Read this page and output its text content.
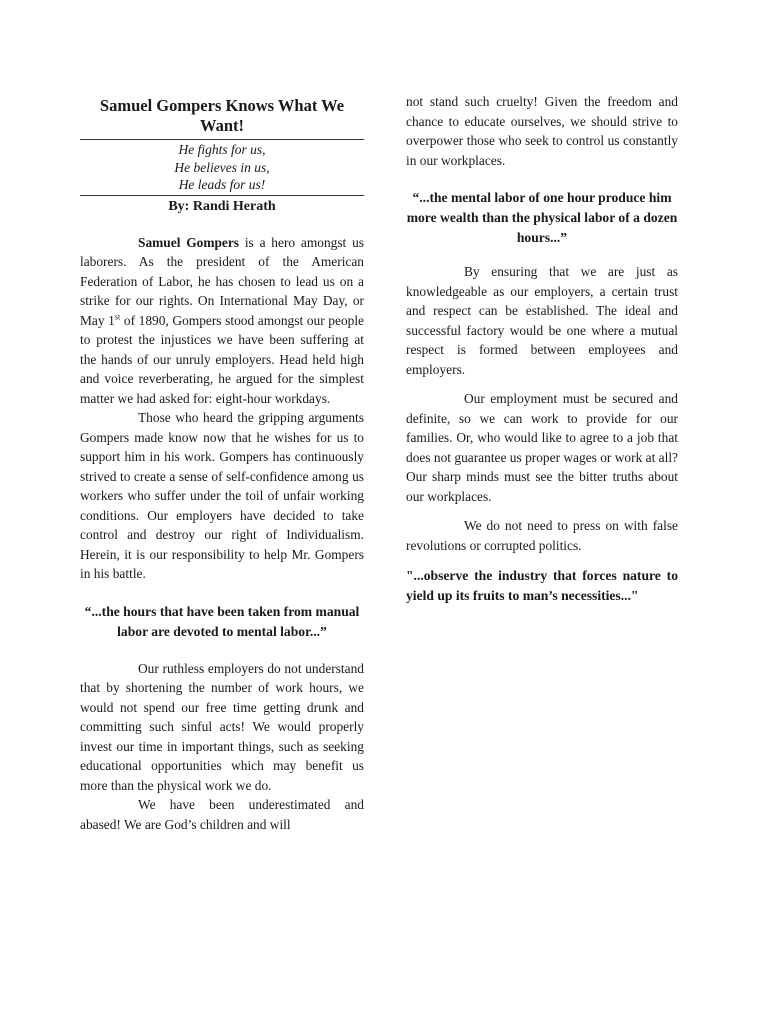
Samuel Gompers Knows What We Want!
He fights for us,
He believes in us,
He leads for us!
By: Randi Herath

Samuel Gompers is a hero amongst us laborers. As the president of the American Federation of Labor, he has chosen to lead us on a strike for our rights. On International May Day, or May 1st of 1890, Gompers stood amongst our people to protest the injustices we have been suffering at the hands of our unruly employers. Head held high and voice reverberating, he argued for the simplest matter we had asked for: eight-hour workdays.

Those who heard the gripping arguments Gompers made know now that he wishes for us to support him in his work. Gompers has continuously strived to create a sense of self-confidence among us workers who suffer under the toil of unfair working conditions. Our employers have decided to take control and destroy our right of Individualism. Herein, it is our responsibility to help Mr. Gompers in his battle.

“...the hours that have been taken from manual labor are devoted to mental labor...”

Our ruthless employers do not understand that by shortening the number of work hours, we would not spend our free time getting drunk and committing such sinful acts! We would properly invest our time in important things, such as seeking educational opportunities which may benefit us more than the physical work we do.

We have been underestimated and abased! We are God’s children and will

not stand such cruelty! Given the freedom and chance to educate ourselves, we should strive to overpower those who seek to control us constantly in our workplaces.

“...the mental labor of one hour produce him more wealth than the physical labor of a dozen hours...”

By ensuring that we are just as knowledgeable as our employers, a certain trust and respect can be established. The ideal and successful factory would be one where a mutual respect is formed between employees and employers.

Our employment must be secured and definite, so we can work to provide for our families. Or, who would like to agree to a job that does not guarantee us proper wages or work at all? Our sharp minds must see the bitter truths about our workplaces.

We do not need to press on with false revolutions or corrupted politics.

"...observe the industry that forces nature to yield up its fruits to man’s necessities..."
